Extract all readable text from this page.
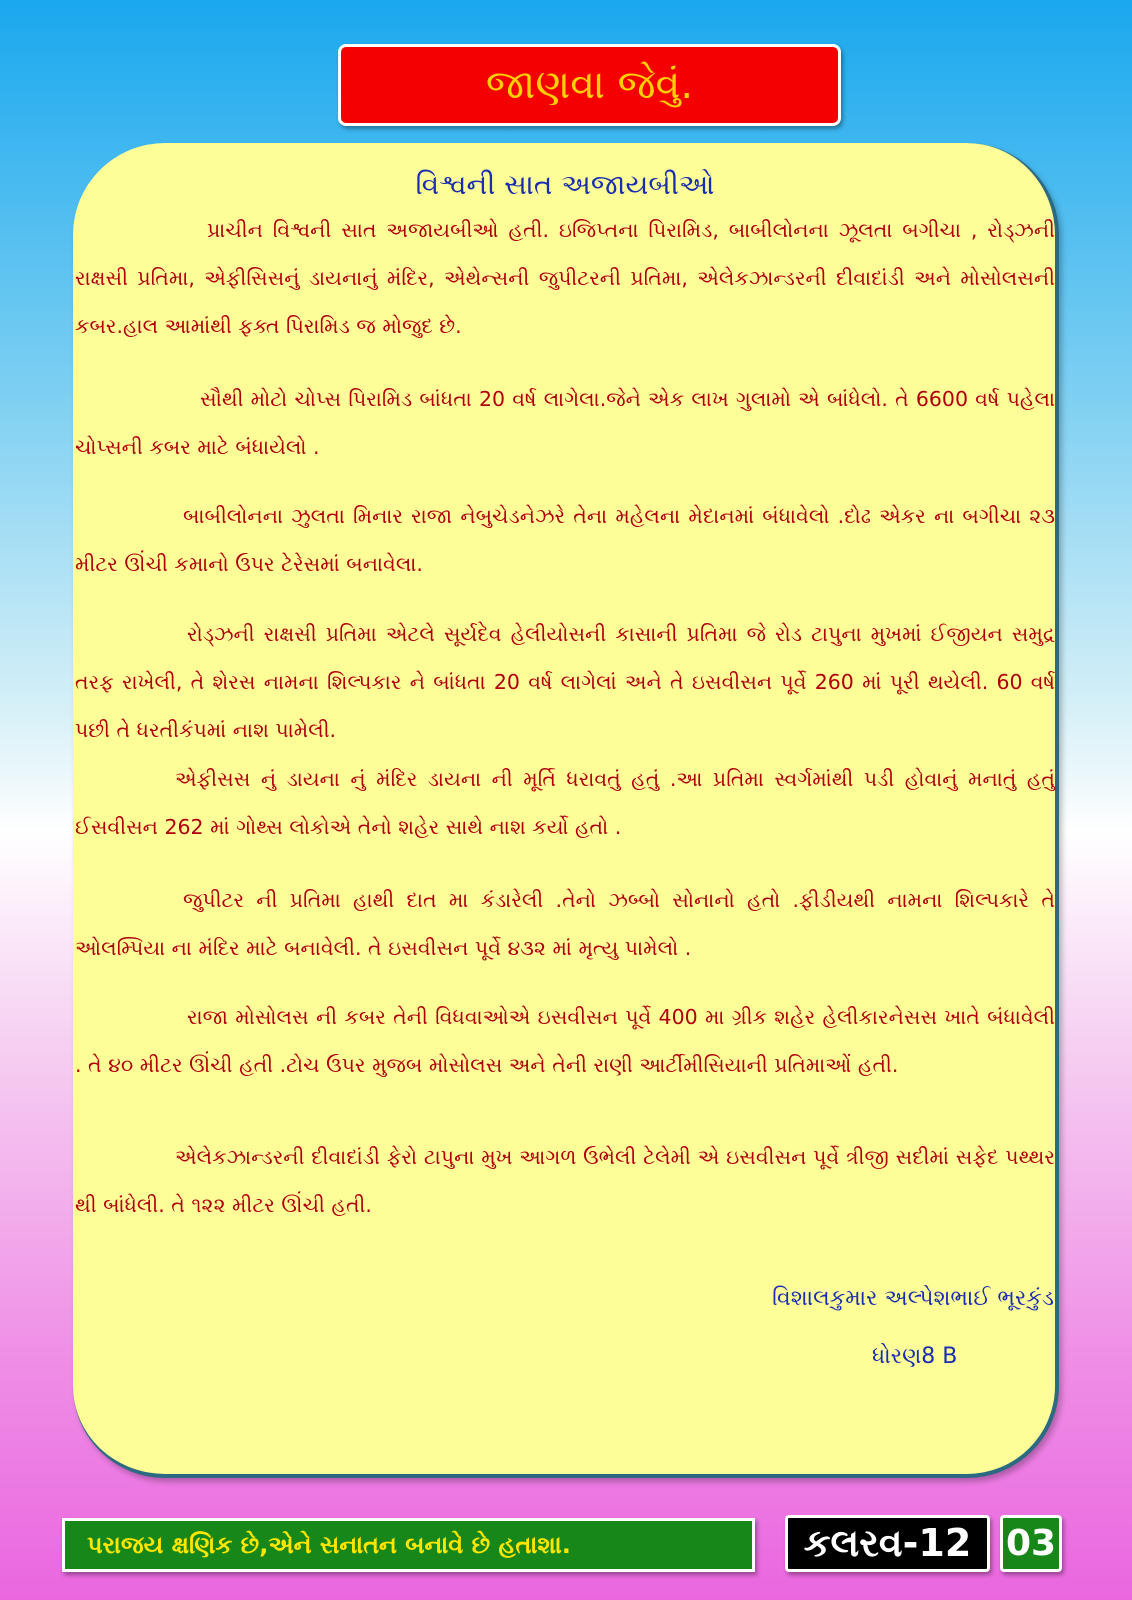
જાણવા જેવું.
વિશ્વની સાત અજાયબીઓ

પ્રાચીન વિશ્વની સાત અજાયબીઓ હતી. ઇજિપ્તના પિરામિડ, બાબીલોનના ઝૂલતા બગીચા , રોડ્ઝની રાક્ષસી પ્રતિમા, એફીસિસનું ડાયનાનું મંદિર, એથેન્સની જુપીટરની પ્રતિમા, એલેકઝાન્ડરની દીવાદાંડી અને મોસોલસની કબર.હાલ આમાંથી ફક્ત પિરામિડ જ મોજુદ છે.

સૌથી મોટો ચોપ્સ પિરામિડ બાંધતા 20 વર્ષ લાગેલા.જેને એક લાખ ગુલામો એ બાંધેલો. તે 6600 વર્ષ પહેલા ચોપ્સની કબર માટે બંધાયેલો .

બાબીલોનના ઝુલતા મિનાર રાજા નેબુચેડનેઝરે તેના મહેલના મેદાનમાં બંધાવેલો .દોઢ એકર ના બગીચા ૨૩ મીટર ઊંચી કમાનો ઉપર ટેરેસમાં બનાવેલા.

રોડ્ઝની રાક્ષસી પ્રતિમા એટલે સૂર્યદેવ હેલીયોસની કાસાની પ્રતિમા જે રોડ ટાપુના મુખમાં ઈજીયન સમુદ્ર તરફ રાખેલી, તે શેરસ નામના શિલ્પકાર ને બાંધતા 20 વર્ષ લાગેલાં અને તે ઇસવીસન પૂર્વે 260 માં પૂરી થયેલી. 60 વર્ષ પછી તે ધરતીકંપમાં નાશ પામેલી.

એફીસસ નું ડાયના નું મંદિર ડાયના ની મૂર્તિ ધરાવતું હતું .આ પ્રતિમા સ્વર્ગમાંથી પડી હોવાનું મનાતું હતું ઈસવીસન 262 માં ગોથ્સ લોકોએ તેનો શહેર સાથે નાશ કર્યો હતો .

જુપીટર ની પ્રતિમા હાથી દાત મા કંડારેલી .તેનો ઝબ્બો સોનાનો હતો .ફીડીયથી નામના શિલ્પકારે તે ઓલમ્પિયા ના મંદિર માટે બનાવેલી. તે ઇસવીસન પૂર્વે ૪૩૨ માં મૃત્યુ પામેલો .

રાજા મોસોલસ ની કબર તેની વિધવાઓએ ઇસવીસન પૂર્વે 400 મા ગ્રીક શહેર હેલીકારનેસસ ખાતે બંધાવેલી . તે ૪૦ મીટર ઊંચી હતી .ટોચ ઉપર મુજબ મોસોલસ અને તેની રાણી આર્ટીમીસિયાની પ્રતિમાઓં હતી.

એલેકઝાન્ડરની દીવાદાંડી ફેરો ટાપુના મુખ આગળ ઉભેલી ટેલેમી એ ઇસવીસન પૂર્વે ત્રીજી સદીમાં સફેદ પથ્થર થી બાંધેલી. તે ૧૨૨ મીટર ઊંચી હતી.

વિશાલકુમાર અલ્પેશભાઈ ભૂરકુંડ
ધોરણ8 B
પરાજય ક્ષણિક છે,એને સનાતન બનાવે છે હતાશા.	કલરવ-12 03
